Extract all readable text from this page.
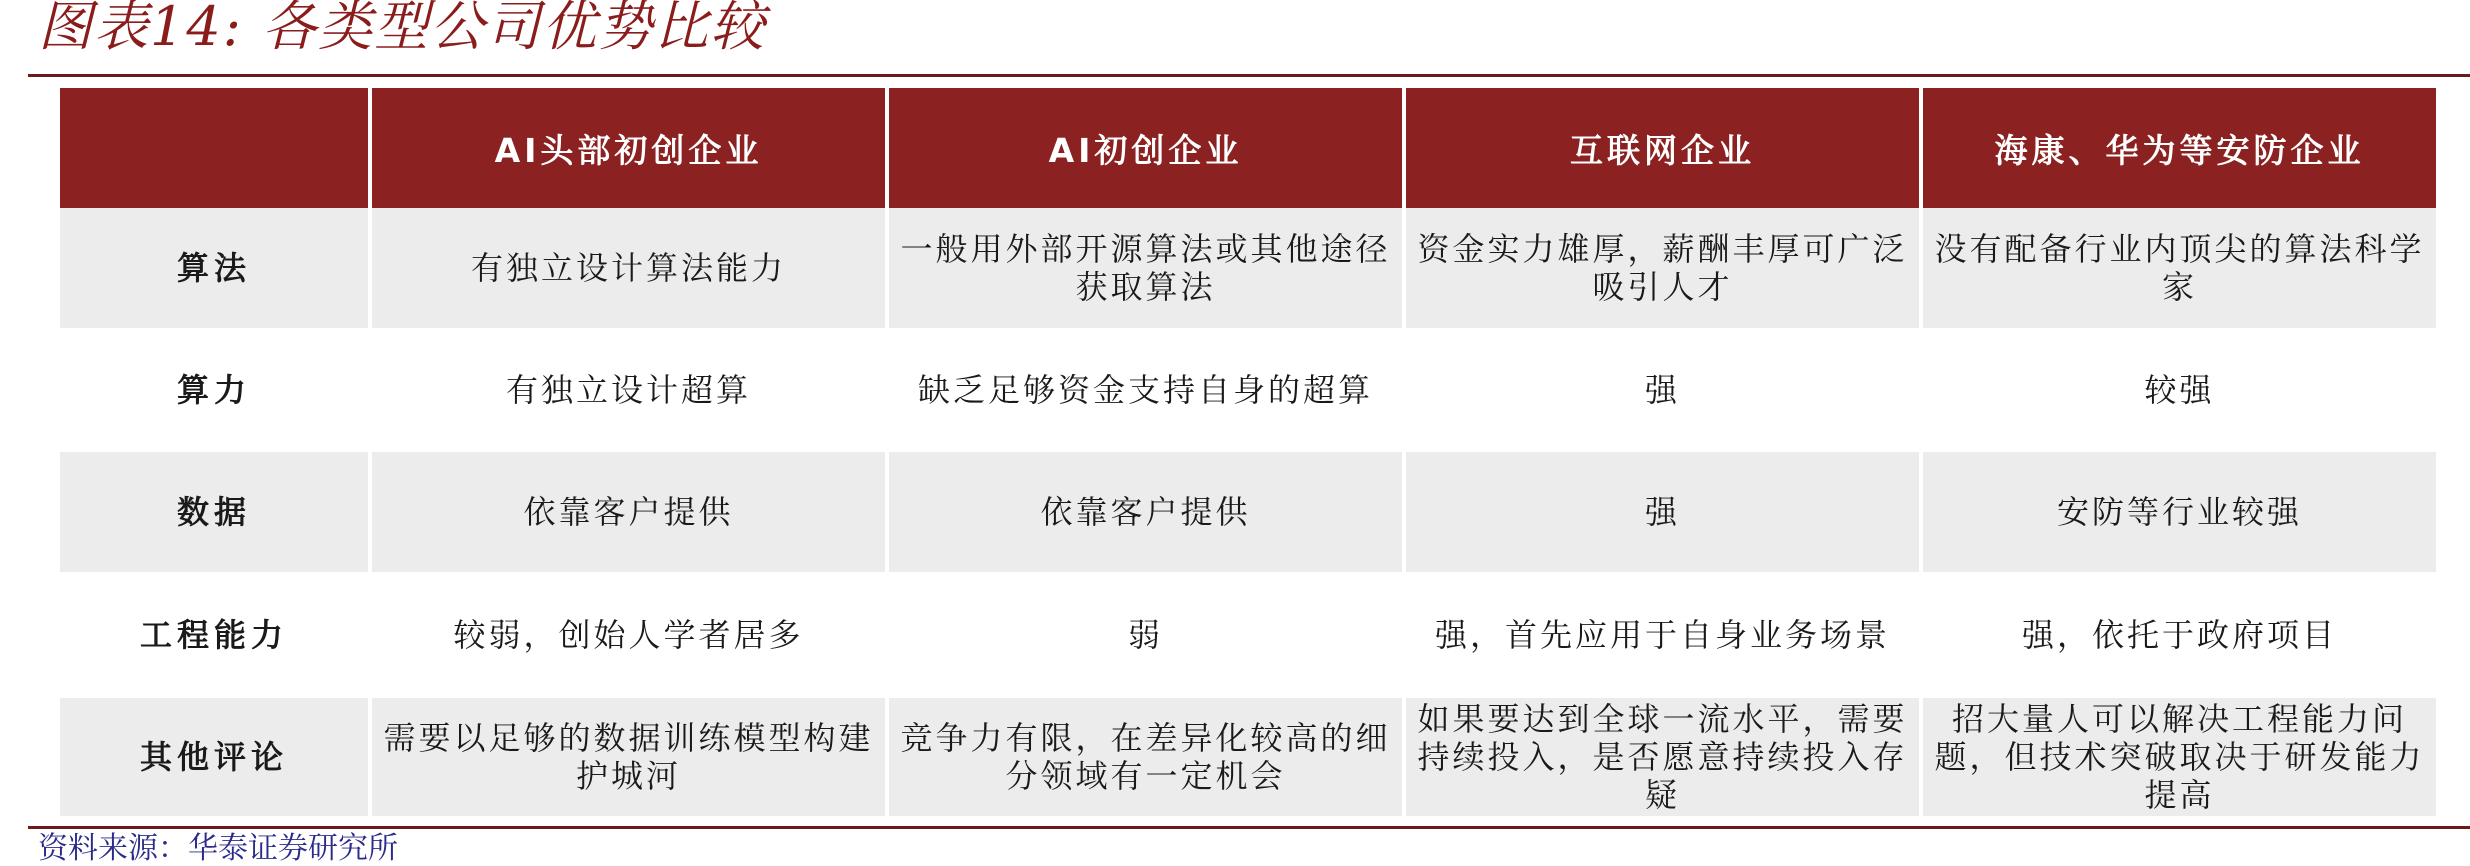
图表14: 各类型公司优势比较
	AI头部初创企业	AI初创企业	互联网企业	海康、华为等安防企业
算法	有独立设计算法能力	一般用外部开源算法或其他途径获取算法	资金实力雄厚，薪酬丰厚可广泛吸引人才	没有配备行业内顶尖的算法科学家
算力	有独立设计超算	缺乏足够资金支持自身的超算	强	较强
数据	依靠客户提供	依靠客户提供	强	安防等行业较强
工程能力	较弱，创始人学者居多	弱	强，首先应用于自身业务场景	强，依托于政府项目
其他评论	需要以足够的数据训练模型构建护城河	竞争力有限，在差异化较高的细分领域有一定机会	如果要达到全球一流水平，需要持续投入，是否愿意持续投入存疑	招大量人可以解决工程能力问题，但技术突破取决于研发能力提高
资料来源：华泰证券研究所
